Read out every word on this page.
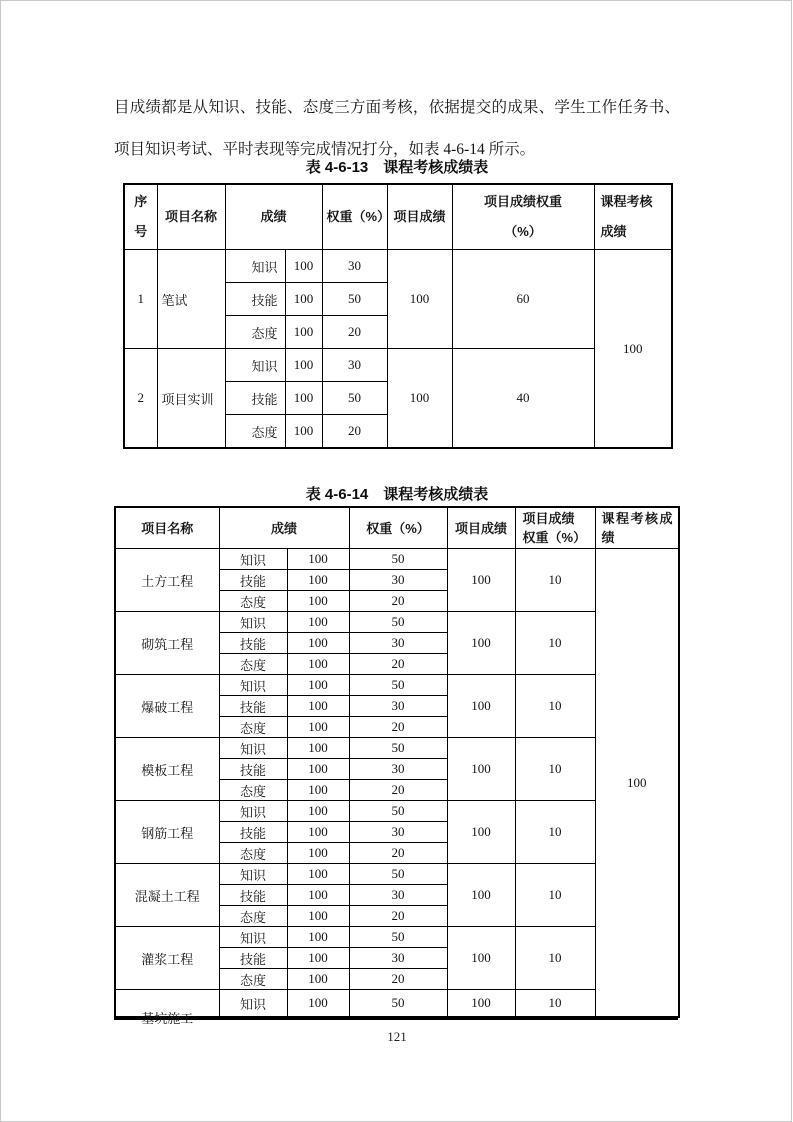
目成绩都是从知识、技能、态度三方面考核，依据提交的成果、学生工作任务书、
项目知识考试、平时表现等完成情况打分，如表 4-6-14 所示。
表 4-6-13　课程考核成绩表
序号	项目名称	成绩		权重（%）	项目成绩	项目成绩权重
（%）	课程考核成绩
1	笔试	知识	100	30	100	60	100
		技能	100	50			
		态度	100	20			
2	项目实训	知识	100	30	100	40	
		技能	100	50			
		态度	100	20			
表 4-6-14　课程考核成绩表
项目名称	成绩		权重（%）	项目成绩	项目成绩
权重（%）	课程考核成绩
土方工程	知识	100	50	100	10	100
	技能	100	30			
	态度	100	20			
砌筑工程	知识	100	50	100	10	
	技能	100	30			
	态度	100	20			
爆破工程	知识	100	50	100	10	
	技能	100	30			
	态度	100	20			
模板工程	知识	100	50	100	10	
	技能	100	30			
	态度	100	20			
钢筋工程	知识	100	50	100	10	
	技能	100	30			
	态度	100	20			
混凝土工程	知识	100	50	100	10	
	技能	100	30			
	态度	100	20			
灌浆工程	知识	100	50	100	10	
	技能	100	30			
	态度	100	20			

基坑施工	知识	100	50	100	10	
121
